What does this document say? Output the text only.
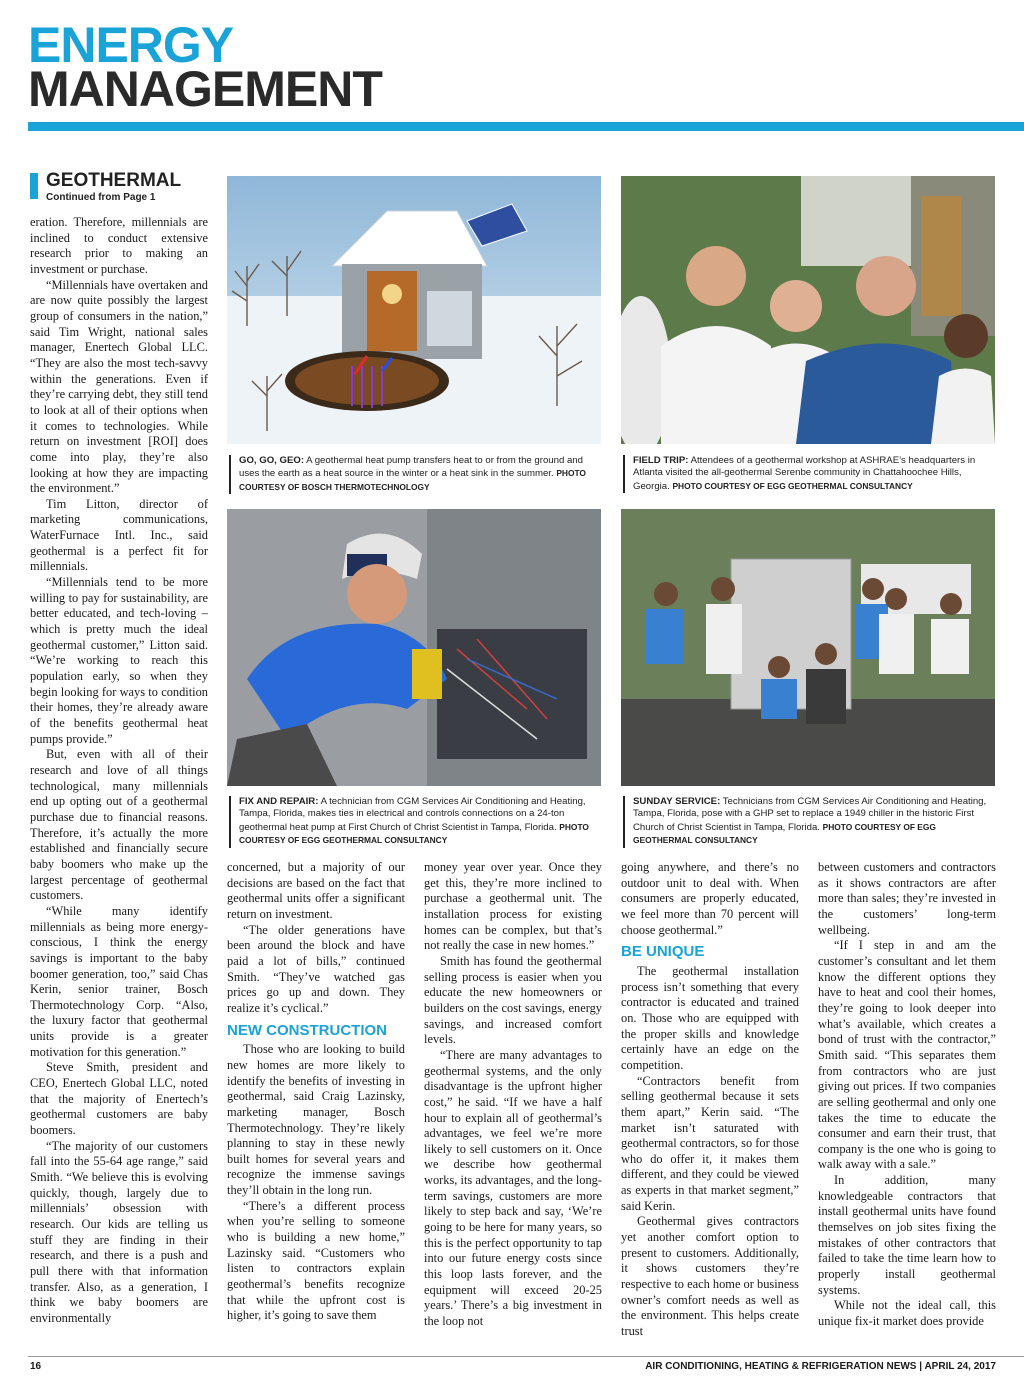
ENERGY
MANAGEMENT
GEOTHERMAL
Continued from Page 1

eration. Therefore, millennials are inclined to conduct extensive research prior to making an investment or purchase.

“Millennials have overtaken and are now quite possibly the largest group of consumers in the nation,” said Tim Wright, national sales manager, Enertech Global LLC. “They are also the most tech-savvy within the generations. Even if they’re carrying debt, they still tend to look at all of their options when it comes to technologies. While return on investment [ROI] does come into play, they’re also looking at how they are impacting the environment.”

Tim Litton, director of marketing communications, WaterFurnace Intl. Inc., said geothermal is a perfect fit for millennials.

“Millennials tend to be more willing to pay for sustainability, are better educated, and tech-loving – which is pretty much the ideal geothermal customer,” Litton said. “We’re working to reach this population early, so when they begin looking for ways to condition their homes, they’re already aware of the benefits geothermal heat pumps provide.”

But, even with all of their research and love of all things technological, many millennials end up opting out of a geothermal purchase due to financial reasons. Therefore, it’s actually the more established and financially secure baby boomers who make up the largest percentage of geothermal customers.

“While many identify millennials as being more energy-conscious, I think the energy savings is important to the baby boomer generation, too,” said Chas Kerin, senior trainer, Bosch Thermotechnology Corp. “Also, the luxury factor that geothermal units provide is a greater motivation for this generation.”

Steve Smith, president and CEO, Enertech Global LLC, noted that the majority of Enertech’s geothermal customers are baby boomers.

“The majority of our customers fall into the 55-64 age range,” said Smith. “We believe this is evolving quickly, though, largely due to millennials’ obsession with research. Our kids are telling us stuff they are finding in their research, and there is a push and pull there with that information transfer. Also, as a generation, I think we baby boomers are environmentally

GO, GO, GEO: A geothermal heat pump transfers heat to or from the ground and uses the earth as a heat source in the winter or a heat sink in the summer. PHOTO COURTESY OF BOSCH THERMOTECHNOLOGY
FIELD TRIP: Attendees of a geothermal workshop at ASHRAE’s headquarters in Atlanta visited the all-geothermal Serenbe community in Chattahoochee Hills, Georgia. PHOTO COURTESY OF EGG GEOTHERMAL CONSULTANCY
FIX AND REPAIR: A technician from CGM Services Air Conditioning and Heating, Tampa, Florida, makes ties in electrical and controls connections on a 24-ton geothermal heat pump at First Church of Christ Scientist in Tampa, Florida. PHOTO COURTESY OF EGG GEOTHERMAL CONSULTANCY
SUNDAY SERVICE: Technicians from CGM Services Air Conditioning and Heating, Tampa, Florida, pose with a GHP set to replace a 1949 chiller in the historic First Church of Christ Scientist in Tampa, Florida. PHOTO COURTESY OF EGG GEOTHERMAL CONSULTANCY

concerned, but a majority of our decisions are based on the fact that geothermal units offer a significant return on investment.

“The older generations have been around the block and have paid a lot of bills,” continued Smith. “They’ve watched gas prices go up and down. They realize it’s cyclical.”

NEW CONSTRUCTION

Those who are looking to build new homes are more likely to identify the benefits of investing in geothermal, said Craig Lazinsky, marketing manager, Bosch Thermotechnology. They’re likely planning to stay in these newly built homes for several years and recognize the immense savings they’ll obtain in the long run.

“There’s a different process when you’re selling to someone who is building a new home,” Lazinsky said. “Customers who listen to contractors explain geothermal’s benefits recognize that while the upfront cost is higher, it’s going to save them

money year over year. Once they get this, they’re more inclined to purchase a geothermal unit. The installation process for existing homes can be complex, but that’s not really the case in new homes.”

Smith has found the geothermal selling process is easier when you educate the new homeowners or builders on the cost savings, energy savings, and increased comfort levels.

“There are many advantages to geothermal systems, and the only disadvantage is the upfront higher cost,” he said. “If we have a half hour to explain all of geothermal’s advantages, we feel we’re more likely to sell customers on it. Once we describe how geothermal works, its advantages, and the long-term savings, customers are more likely to step back and say, ‘We’re going to be here for many years, so this is the perfect opportunity to tap into our future energy costs since this loop lasts forever, and the equipment will exceed 20-25 years.’ There’s a big investment in the loop not

going anywhere, and there’s no outdoor unit to deal with. When consumers are properly educated, we feel more than 70 percent will choose geothermal.”

BE UNIQUE

The geothermal installation process isn’t something that every contractor is educated and trained on. Those who are equipped with the proper skills and knowledge certainly have an edge on the competition.

“Contractors benefit from selling geothermal because it sets them apart,” Kerin said. “The market isn’t saturated with geothermal contractors, so for those who do offer it, it makes them different, and they could be viewed as experts in that market segment,” said Kerin.

Geothermal gives contractors yet another comfort option to present to customers. Additionally, it shows customers they’re respective to each home or business owner’s comfort needs as well as the environment. This helps create trust

between customers and contractors as it shows contractors are after more than sales; they’re invested in the customers’ long-term wellbeing.

“If I step in and am the customer’s consultant and let them know the different options they have to heat and cool their homes, they’re going to look deeper into what’s available, which creates a bond of trust with the contractor,” Smith said. “This separates them from contractors who are just giving out prices. If two companies are selling geothermal and only one takes the time to educate the consumer and earn their trust, that company is the one who is going to walk away with a sale.”

In addition, many knowledgeable contractors that install geothermal units have found themselves on job sites fixing the mistakes of other contractors that failed to take the time learn how to properly install geothermal systems.

While not the ideal call, this unique fix-it market does provide

16	AIR CONDITIONING, HEATING & REFRIGERATION NEWS | APRIL 24, 2017
